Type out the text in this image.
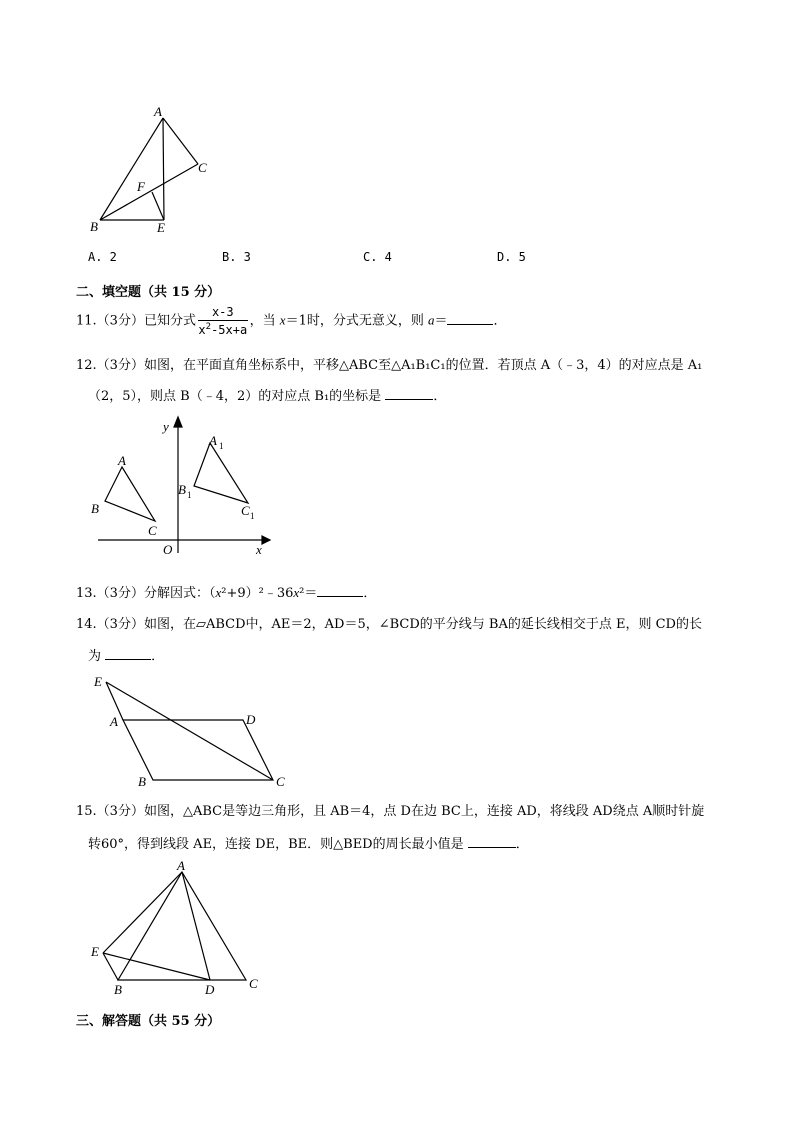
A
C
F
B	E
A. 2	B. 3	C. 4	D. 5
二、填空题（共 15 分）
11.（3分）已知分式 $\frac{x-3}{x^2-5x+a}$ ，当 x＝1时，分式无意义，则 a＝	．
12.（3分）如图，在平面直角坐标系中，平移△ABC至△A₁B₁C₁的位置．若顶点 A（﹣3，4）的对应点是 A₁
（2，5），则点 B（﹣4，2）的对应点 B₁的坐标是	．
y
x
O
A
B
C
A 1
B 1
C 1
13.（3分）分解因式：（x²+9）²﹣36x²＝	．
14.（3分）如图，在▱ABCD中，AE＝2，AD＝5，∠BCD的平分线与 BA的延长线相交于点 E，则 CD的长
为	．
E
A	D
B	C
15.（3分）如图，△ABC是等边三角形，且 AB＝4，点 D在边 BC上，连接 AD，将线段 AD绕点 A顺时针旋
转60°，得到线段 AE，连接 DE，BE．则△BED的周长最小值是	．
A
E
B	D	C
三、解答题（共 55 分）
